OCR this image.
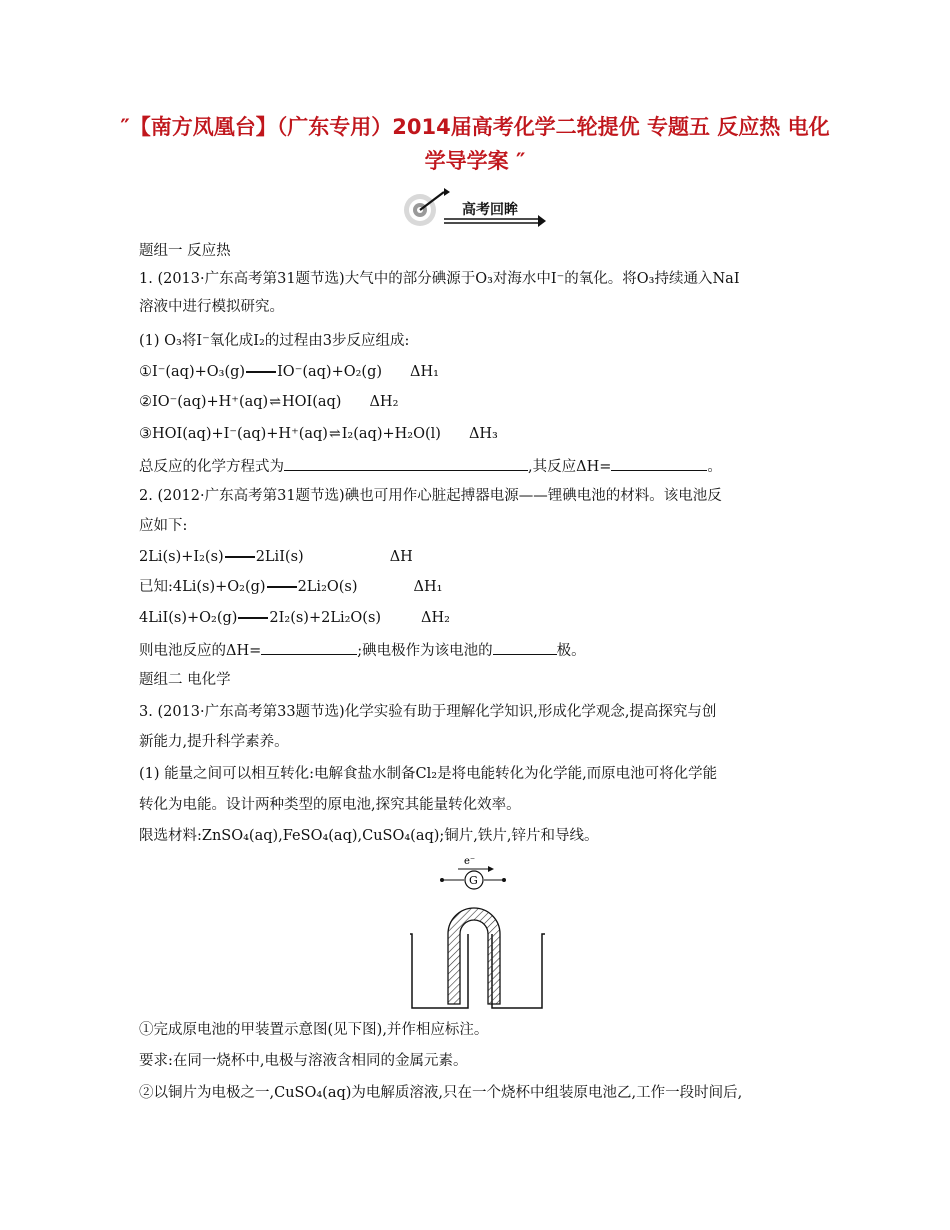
″【南方凤凰台】（广东专用）2014届高考化学二轮提优 专题五 反应热 电化学导学案 ″
高考回眸
题组一 反应热
1. (2013·广东高考第31题节选)大气中的部分碘源于O₃对海水中I⁻的氧化。将O₃持续通入NaI
溶液中进行模拟研究。
(1) O₃将I⁻氧化成I₂的过程由3步反应组成:
①I⁻(aq)+O₃(g) IO⁻(aq)+O₂(g) ΔH₁
②IO⁻(aq)+H⁺(aq)⇌HOI(aq) ΔH₂
③HOI(aq)+I⁻(aq)+H⁺(aq)⇌I₂(aq)+H₂O(l) ΔH₃
总反应的化学方程式为	,其反应ΔH=	。
2. (2012·广东高考第31题节选)碘也可用作心脏起搏器电源——锂碘电池的材料。该电池反
应如下:
2Li(s)+I₂(s) 2LiI(s)	ΔH
已知:4Li(s)+O₂(g) 2Li₂O(s)	ΔH₁
4LiI(s)+O₂(g) 2I₂(s)+2Li₂O(s)	ΔH₂
则电池反应的ΔH=	;碘电极作为该电池的	极。
题组二 电化学
3. (2013·广东高考第33题节选)化学实验有助于理解化学知识,形成化学观念,提高探究与创
新能力,提升科学素养。
(1) 能量之间可以相互转化:电解食盐水制备Cl₂是将电能转化为化学能,而原电池可将化学能
转化为电能。设计两种类型的原电池,探究其能量转化效率。
限选材料:ZnSO₄(aq),FeSO₄(aq),CuSO₄(aq);铜片,铁片,锌片和导线。
e⁻
G
①完成原电池的甲装置示意图(见下图),并作相应标注。
要求:在同一烧杯中,电极与溶液含相同的金属元素。
②以铜片为电极之一,CuSO₄(aq)为电解质溶液,只在一个烧杯中组装原电池乙,工作一段时间后,
